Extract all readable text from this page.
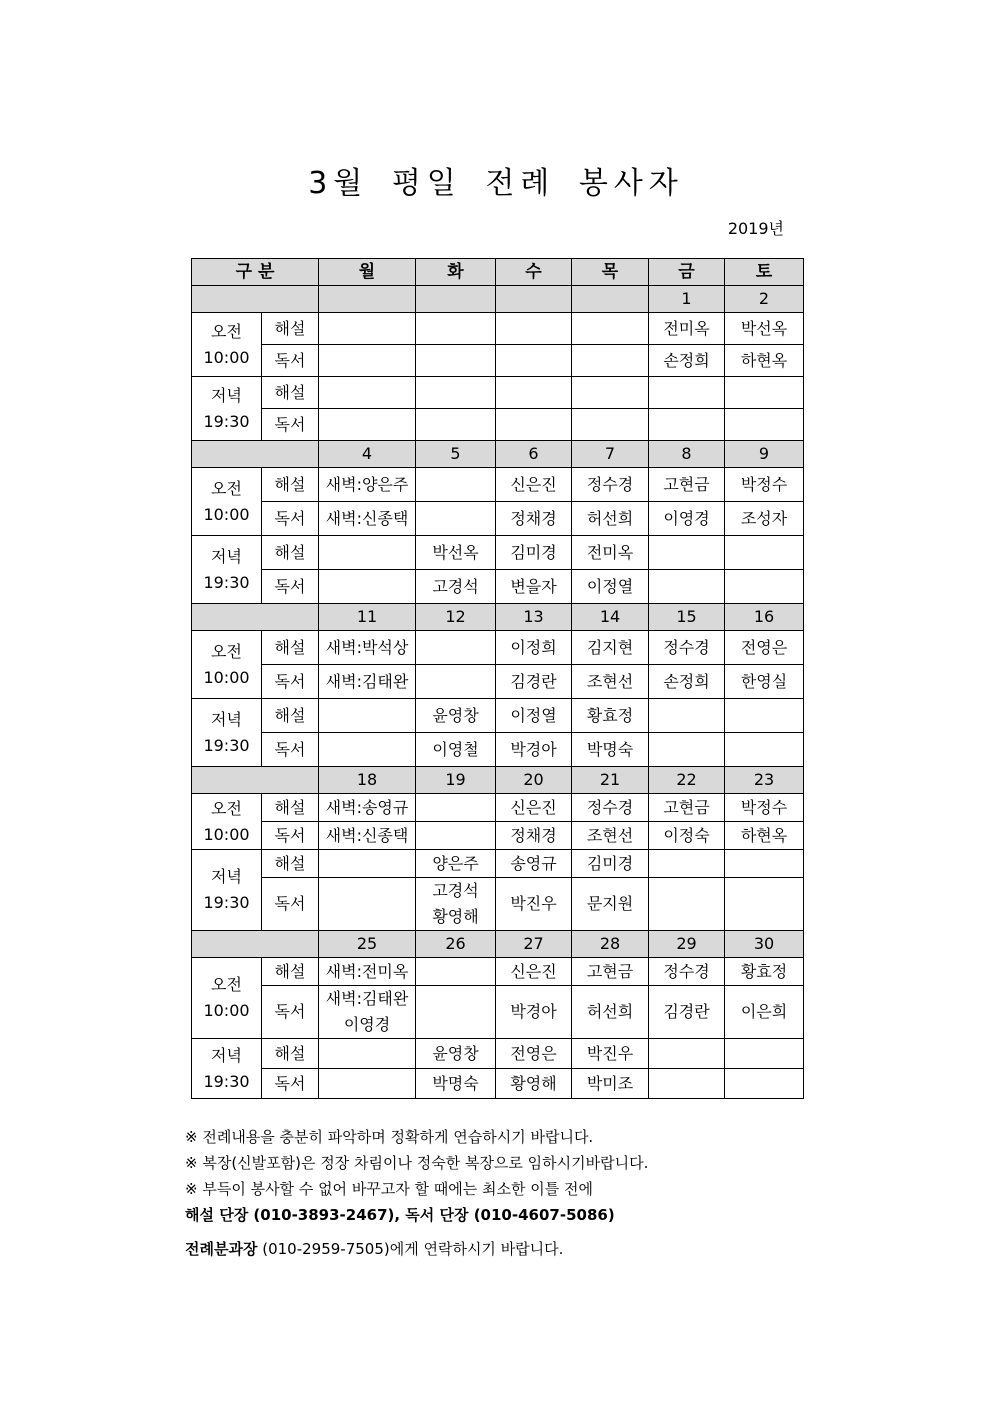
3월 평일 전례 봉사자
2019년
구 분		월	화	수	목	금	토
						1	2

오전
10:00	해설					전미옥	박선옥
	독서					손정희	하현옥

저녁
19:30	해설						
	독서						
		4	5	6	7	8	9

오전
10:00	해설	새벽:양은주		신은진	정수경	고현금	박정수
	독서	새벽:신종택		정채경	허선희	이영경	조성자

저녁
19:30	해설		박선옥	김미경	전미옥		
	독서		고경석	변을자	이정열		
		11	12	13	14	15	16

오전
10:00	해설	새벽:박석상		이정희	김지현	정수경	전영은
	독서	새벽:김태완		김경란	조현선	손정희	한영실

저녁
19:30	해설		윤영창	이정열	황효정		
	독서		이영철	박경아	박명숙		
		18	19	20	21	22	23

오전
10:00	해설	새벽:송영규		신은진	정수경	고현금	박정수
	독서	새벽:신종택		정채경	조현선	이정숙	하현옥

저녁
19:30	해설		양은주	송영규	김미경		
	독서		고경석
황영해	박진우	문지원		
		25	26	27	28	29	30

오전
10:00	해설	새벽:전미옥		신은진	고현금	정수경	황효정
	독서	새벽:김태완
이영경		박경아	허선희	김경란	이은희

저녁
19:30	해설		윤영창	전영은	박진우		
	독서		박명숙	황영해	박미조		
※ 전례내용을 충분히 파악하며 정확하게 연습하시기 바랍니다.
※ 복장(신발포함)은 정장 차림이나 정숙한 복장으로 임하시기바랍니다.
※ 부득이 봉사할 수 없어 바꾸고자 할 때에는 최소한 이틀 전에
해설 단장 (010-3893-2467), 독서 단장 (010-4607-5086)
전례분과장 (010-2959-7505)에게 연락하시기 바랍니다.
